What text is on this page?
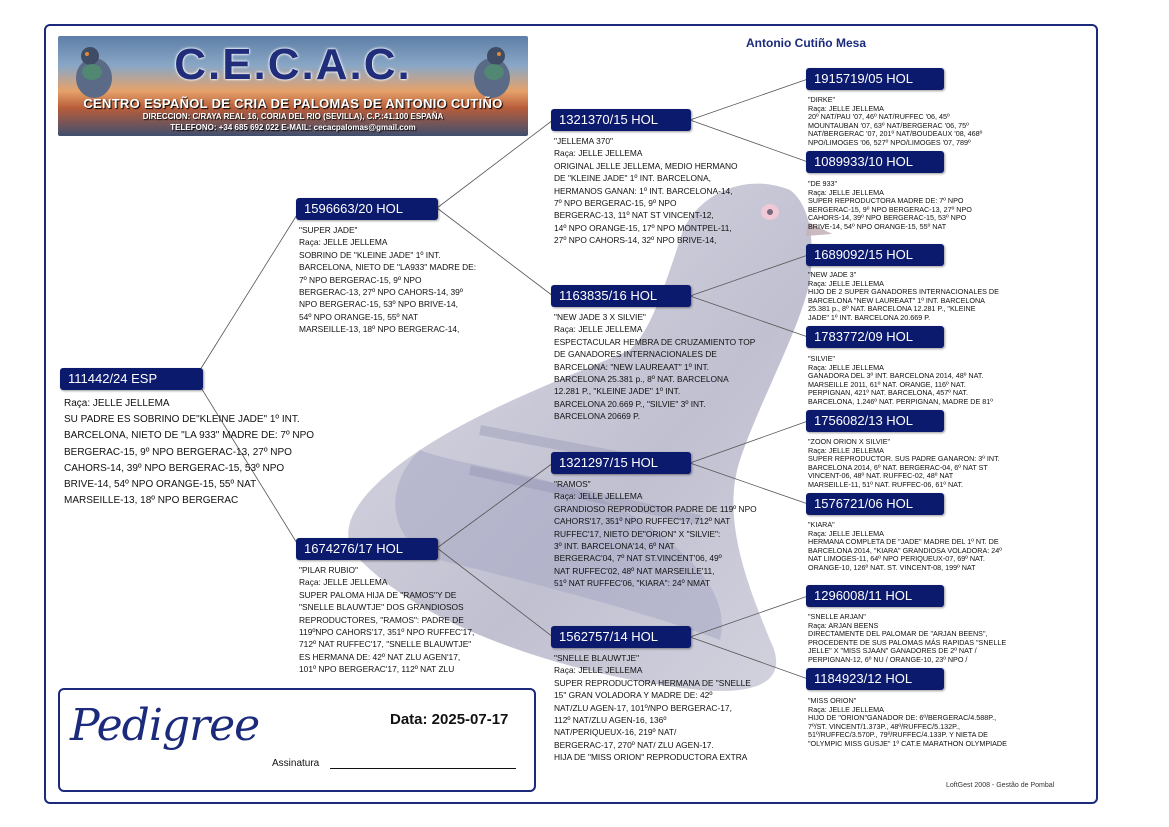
C.E.C.A.C.
CENTRO ESPAÑOL DE CRIA DE PALOMAS DE ANTONIO CUTIÑO
DIRECCION: C/RAYA REAL 16, CORIA DEL RIO (SEVILLA), C.P.:41.100 ESPAÑA
TELEFONO: +34 685 692 022 E-MAIL: cecacpalomas@gmail.com
Antonio Cutiño Mesa
111442/24 ESP
Raça: JELLE JELLEMA
SU PADRE ES SOBRINO DE"KLEINE JADE" 1º INT.
BARCELONA, NIETO DE "LA 933" MADRE DE: 7º NPO
BERGERAC-15, 9º NPO BERGERAC-13, 27º NPO
CAHORS-14, 39º NPO BERGERAC-15, 53º NPO
BRIVE-14, 54º NPO ORANGE-15, 55º NAT
MARSEILLE-13, 18º NPO BERGERAC
1596663/20 HOL
"SUPER JADE"
Raça: JELLE JELLEMA
SOBRINO DE "KLEINE JADE" 1º INT.
BARCELONA, NIETO DE "LA933" MADRE DE:
7º NPO BERGERAC-15, 9º NPO
BERGERAC-13, 27º NPO CAHORS-14, 39º
NPO BERGERAC-15, 53º NPO BRIVE-14,
54º NPO ORANGE-15, 55º NAT
MARSEILLE-13, 18º NPO BERGERAC-14,
1674276/17 HOL
"PILAR RUBIO"
Raça: JELLE JELLEMA
SUPER PALOMA HIJA DE "RAMOS"Y DE
"SNELLE BLAUWTJE" DOS GRANDIOSOS
REPRODUCTORES, "RAMOS": PADRE DE
119ºNPO CAHORS'17, 351º NPO RUFFEC'17,
712º NAT RUFFEC'17, "SNELLE BLAUWTJE"
ES HERMANA DE: 42º NAT ZLU AGEN'17,
101º NPO BERGERAC'17, 112º NAT ZLU
1321370/15 HOL
"JELLEMA 370"
Raça: JELLE JELLEMA
ORIGINAL JELLE JELLEMA, MEDIO HERMANO
DE "KLEINE JADE" 1º INT. BARCELONA,
HERMANOS GANAN: 1º INT. BARCELONA-14,
7º NPO BERGERAC-15, 9º NPO
BERGERAC-13, 11º NAT ST VINCENT-12,
14º NPO ORANGE-15, 17º NPO MONTPEL-11,
27º NPO CAHORS-14, 32º NPO BRIVE-14,
1163835/16 HOL
"NEW JADE 3 X SILVIE"
Raça: JELLE JELLEMA
ESPECTACULAR HEMBRA DE CRUZAMIENTO TOP
DE GANADORES INTERNACIONALES DE
BARCELONA: "NEW LAUREAAT" 1º INT.
BARCELONA 25.381 p., 8º NAT. BARCELONA
12.281 P., "KLEINE JADE" 1º INT.
BARCELONA 20.669 P., "SILVIE" 3º INT.
BARCELONA 20669 P.
1321297/15 HOL
"RAMOS"
Raça: JELLE JELLEMA
GRANDIOSO REPRODUCTOR PADRE DE 119º NPO
CAHORS'17, 351º NPO RUFFEC'17, 712º NAT
RUFFEC'17, NIETO DE"ORION" X "SILVIE":
3º INT. BARCELONA'14, 6º NAT
BERGERAC'04, 7º NAT ST.VINCENT'06, 49º
NAT RUFFEC'02, 48º NAT MARSEILLE'11,
51º NAT RUFFEC'06, "KIARA": 24º NMAT
1562757/14 HOL
"SNELLE BLAUWTJE"
Raça: JELLE JELLEMA
SUPER REPRODUCTORA HERMANA DE "SNELLE
15" GRAN VOLADORA Y MADRE DE: 42º
NAT/ZLU AGEN-17, 101º/NPO BERGERAC-17,
112º NAT/ZLU AGEN-16, 136º
NAT/PERIQUEUX-16, 219º NAT/
BERGERAC-17, 270º NAT/ ZLU AGEN-17.
HIJA DE "MISS ORION" REPRODUCTORA EXTRA
1915719/05 HOL
"DIRKE"
Raça: JELLE JELLEMA
20º NAT/PAU '07, 46º NAT/RUFFEC '06, 45º
MOUNTAUBAN '07, 63º NAT/BERGERAC '06, 75º
NAT/BERGERAC '07, 201º NAT/BOUDEAUX '08, 468º
NPO/LIMOGES '06, 527º NPO/LIMOGES '07, 789º
1089933/10 HOL
"DE 933"
Raça: JELLE JELLEMA
SUPER REPRODUCTORA MADRE DE: 7º NPO
BERGERAC-15, 9º NPO BERGERAC-13, 27º NPO
CAHORS-14, 39º NPO BERGERAC-15, 53º NPO
BRIVE-14, 54º NPO ORANGE-15, 55º NAT
1689092/15 HOL
"NEW JADE 3"
Raça: JELLE JELLEMA
HIJO DE 2 SUPER GANADORES INTERNACIONALES DE
BARCELONA "NEW LAUREAAT" 1º INT. BARCELONA
25.381 p., 8º NAT. BARCELONA 12.281 P., "KLEINE
JADE" 1º INT. BARCELONA 20.669 P.
1783772/09 HOL
"SILVIE"
Raça: JELLE JELLEMA
GANADORA DEL 3º INT. BARCELONA 2014, 48º NAT.
MARSEILLE 2011, 61º NAT. ORANGE, 116º NAT.
PERPIGNAN, 421º NAT. BARCELONA, 457º NAT.
BARCELONA, 1.246º NAT. PERPIGNAN, MADRE DE 81º
1756082/13 HOL
"ZOON ORION X SILVIE"
Raça: JELLE JELLEMA
SUPER REPRODUCTOR. SUS PADRE GANARON: 3º INT.
BARCELONA 2014, 6º NAT. BERGERAC-04, 6º NAT ST
VINCENT-06, 48º NAT. RUFFEC-02, 48º NAT
MARSEILLE-11, 51º NAT. RUFFEC-06, 61º NAT.
1576721/06 HOL
"KIARA"
Raça: JELLE JELLEMA
HERMANA COMPLETA DE "JADE" MADRE DEL 1º NT. DE
BARCELONA 2014, "KIARA" GRANDIOSA VOLADORA: 24º
NAT LIMOGES-11, 64º NPO PERIQUEUX-07, 69º NAT.
ORANGE-10, 126º NAT. ST. VINCENT-08, 199º NAT
1296008/11 HOL
"SNELLE ARJAN"
Raça: ARJAN BEENS
DIRECTAMENTE DEL PALOMAR DE "ARJAN BEENS",
PROCEDENTE DE SUS PALOMAS MÁS RAPIDAS "SNELLE
JELLE" X "MISS SJAAN" GANADORES DE 2º NAT /
PERPIGNAN-12, 6º NU / ORANGE-10, 23º NPO /
1184923/12 HOL
"MISS ORION"
Raça: JELLE JELLEMA
HIJO DE "ORION"GANADOR DE: 6º/BERGERAC/4.588P.,
7º/ST. VINCENT/1.373P., 48º/RUFFEC/5.132P.,
51º/RUFFEC/3.570P., 79º/RUFFEC/4.133P. Y NIETA DE
"OLYMPIC MISS GUSJE" 1º CAT.E MARATHON OLYMPIADE
Pedigree	Data: 2025-07-17
Assinatura
LoftGest 2008 - Gestão de Pombal
